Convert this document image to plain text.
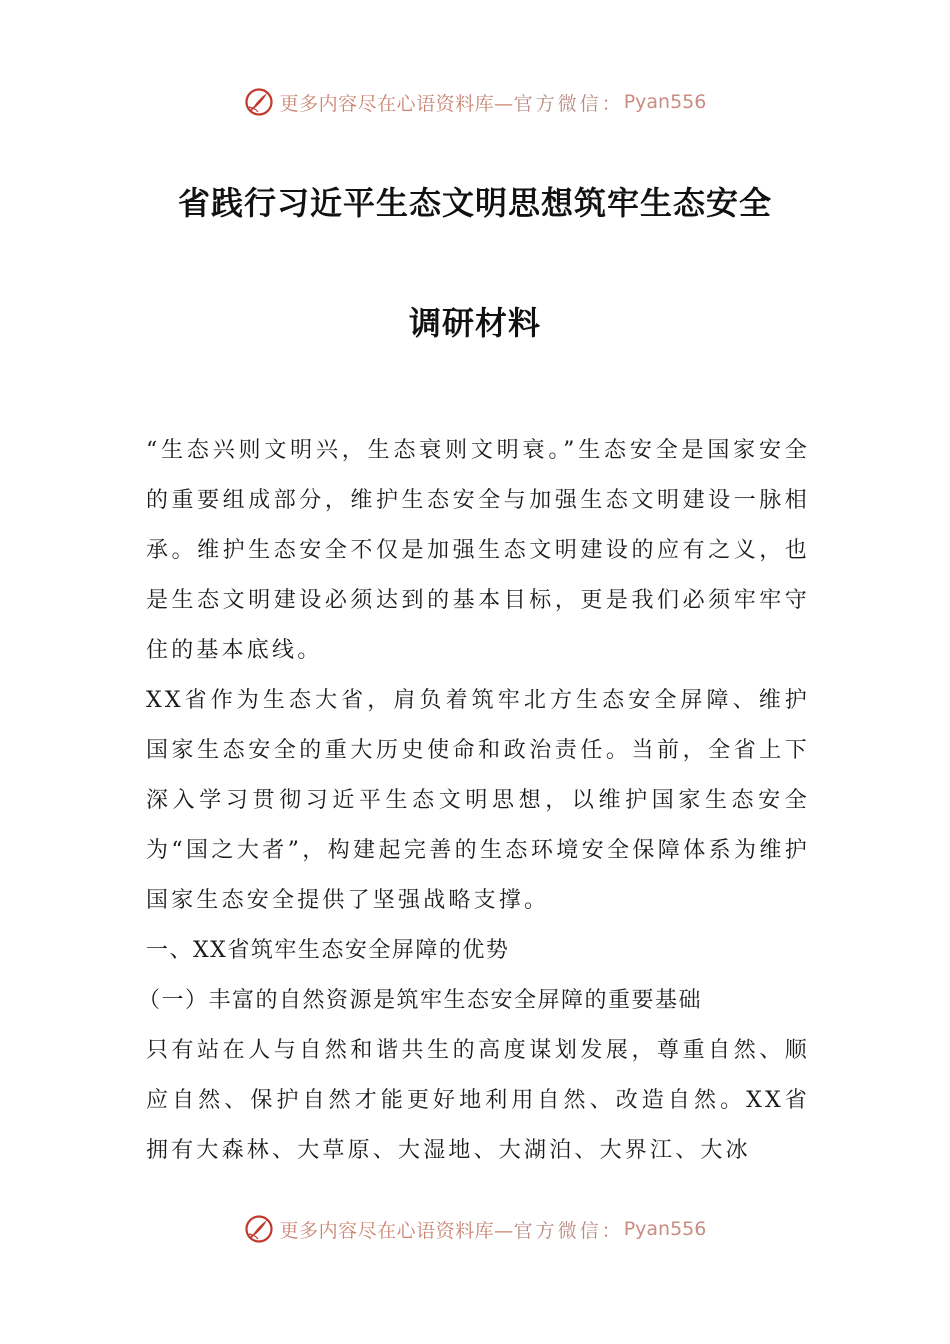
更多内容尽在心语资料库— 官方微信： Pyan556
省践行习近平生态文明思想筑牢生态安全
调研材料

“生态兴则文明兴，生态衰则文明衰。”生态安全是国家安全的重要组成部分，维护生态安全与加强生态文明建设一脉相承。维护生态安全不仅是加强生态文明建设的应有之义，也是生态文明建设必须达到的基本目标，更是我们必须牢牢守住的基本底线。

XX省作为生态大省，肩负着筑牢北方生态安全屏障、维护国家生态安全的重大历史使命和政治责任。当前，全省上下深入学习贯彻习近平生态文明思想，以维护国家生态安全为“国之大者”，构建起完善的生态环境安全保障体系为维护国家生态安全提供了坚强战略支撑。

一、XX省筑牢生态安全屏障的优势

（一）丰富的自然资源是筑牢生态安全屏障的重要基础

只有站在人与自然和谐共生的高度谋划发展，尊重自然、顺应自然、保护自然才能更好地利用自然、改造自然。XX省拥有大森林、大草原、大湿地、大湖泊、大界江、大冰

更多内容尽在心语资料库— 官方微信： Pyan556
